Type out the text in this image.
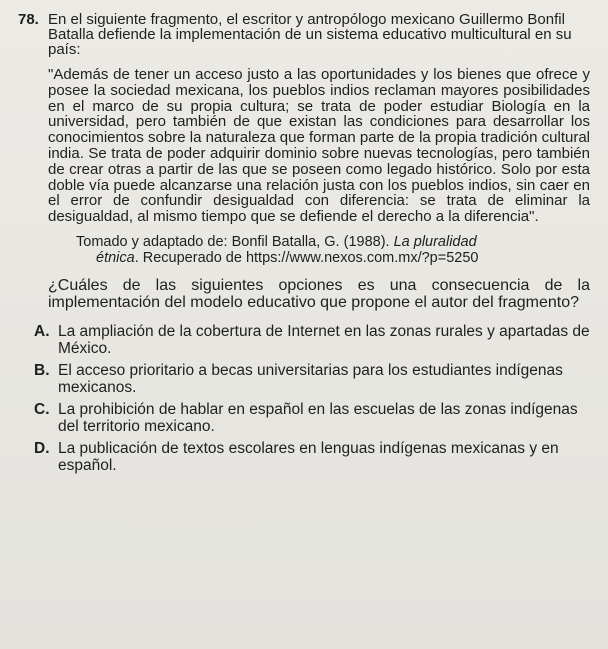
78. En el siguiente fragmento, el escritor y antropólogo mexicano Guillermo Bonfil Batalla defiende la implementación de un sistema educativo multicultural en su país:
"Además de tener un acceso justo a las oportunidades y los bienes que ofrece y posee la sociedad mexicana, los pueblos indios reclaman mayores posibilidades en el marco de su propia cultura; se trata de poder estudiar Biología en la universidad, pero también de que existan las condiciones para desarrollar los conocimientos sobre la naturaleza que forman parte de la propia tradición cultural india. Se trata de poder adquirir dominio sobre nuevas tecnologías, pero también de crear otras a partir de las que se poseen como legado histórico. Solo por esta doble vía puede alcanzarse una relación justa con los pueblos indios, sin caer en el error de confundir desigualdad con diferencia: se trata de eliminar la desigualdad, al mismo tiempo que se defiende el derecho a la diferencia".
Tomado y adaptado de: Bonfil Batalla, G. (1988). La pluralidad
étnica. Recuperado de https://www.nexos.com.mx/?p=5250
¿Cuáles de las siguientes opciones es una consecuencia de la implementación del modelo educativo que propone el autor del fragmento?
A. La ampliación de la cobertura de Internet en las zonas rurales y apartadas de México.
B. El acceso prioritario a becas universitarias para los estudiantes indígenas mexicanos.
C. La prohibición de hablar en español en las escuelas de las zonas indígenas del territorio mexicano.
D. La publicación de textos escolares en lenguas indígenas mexicanas y en español.
